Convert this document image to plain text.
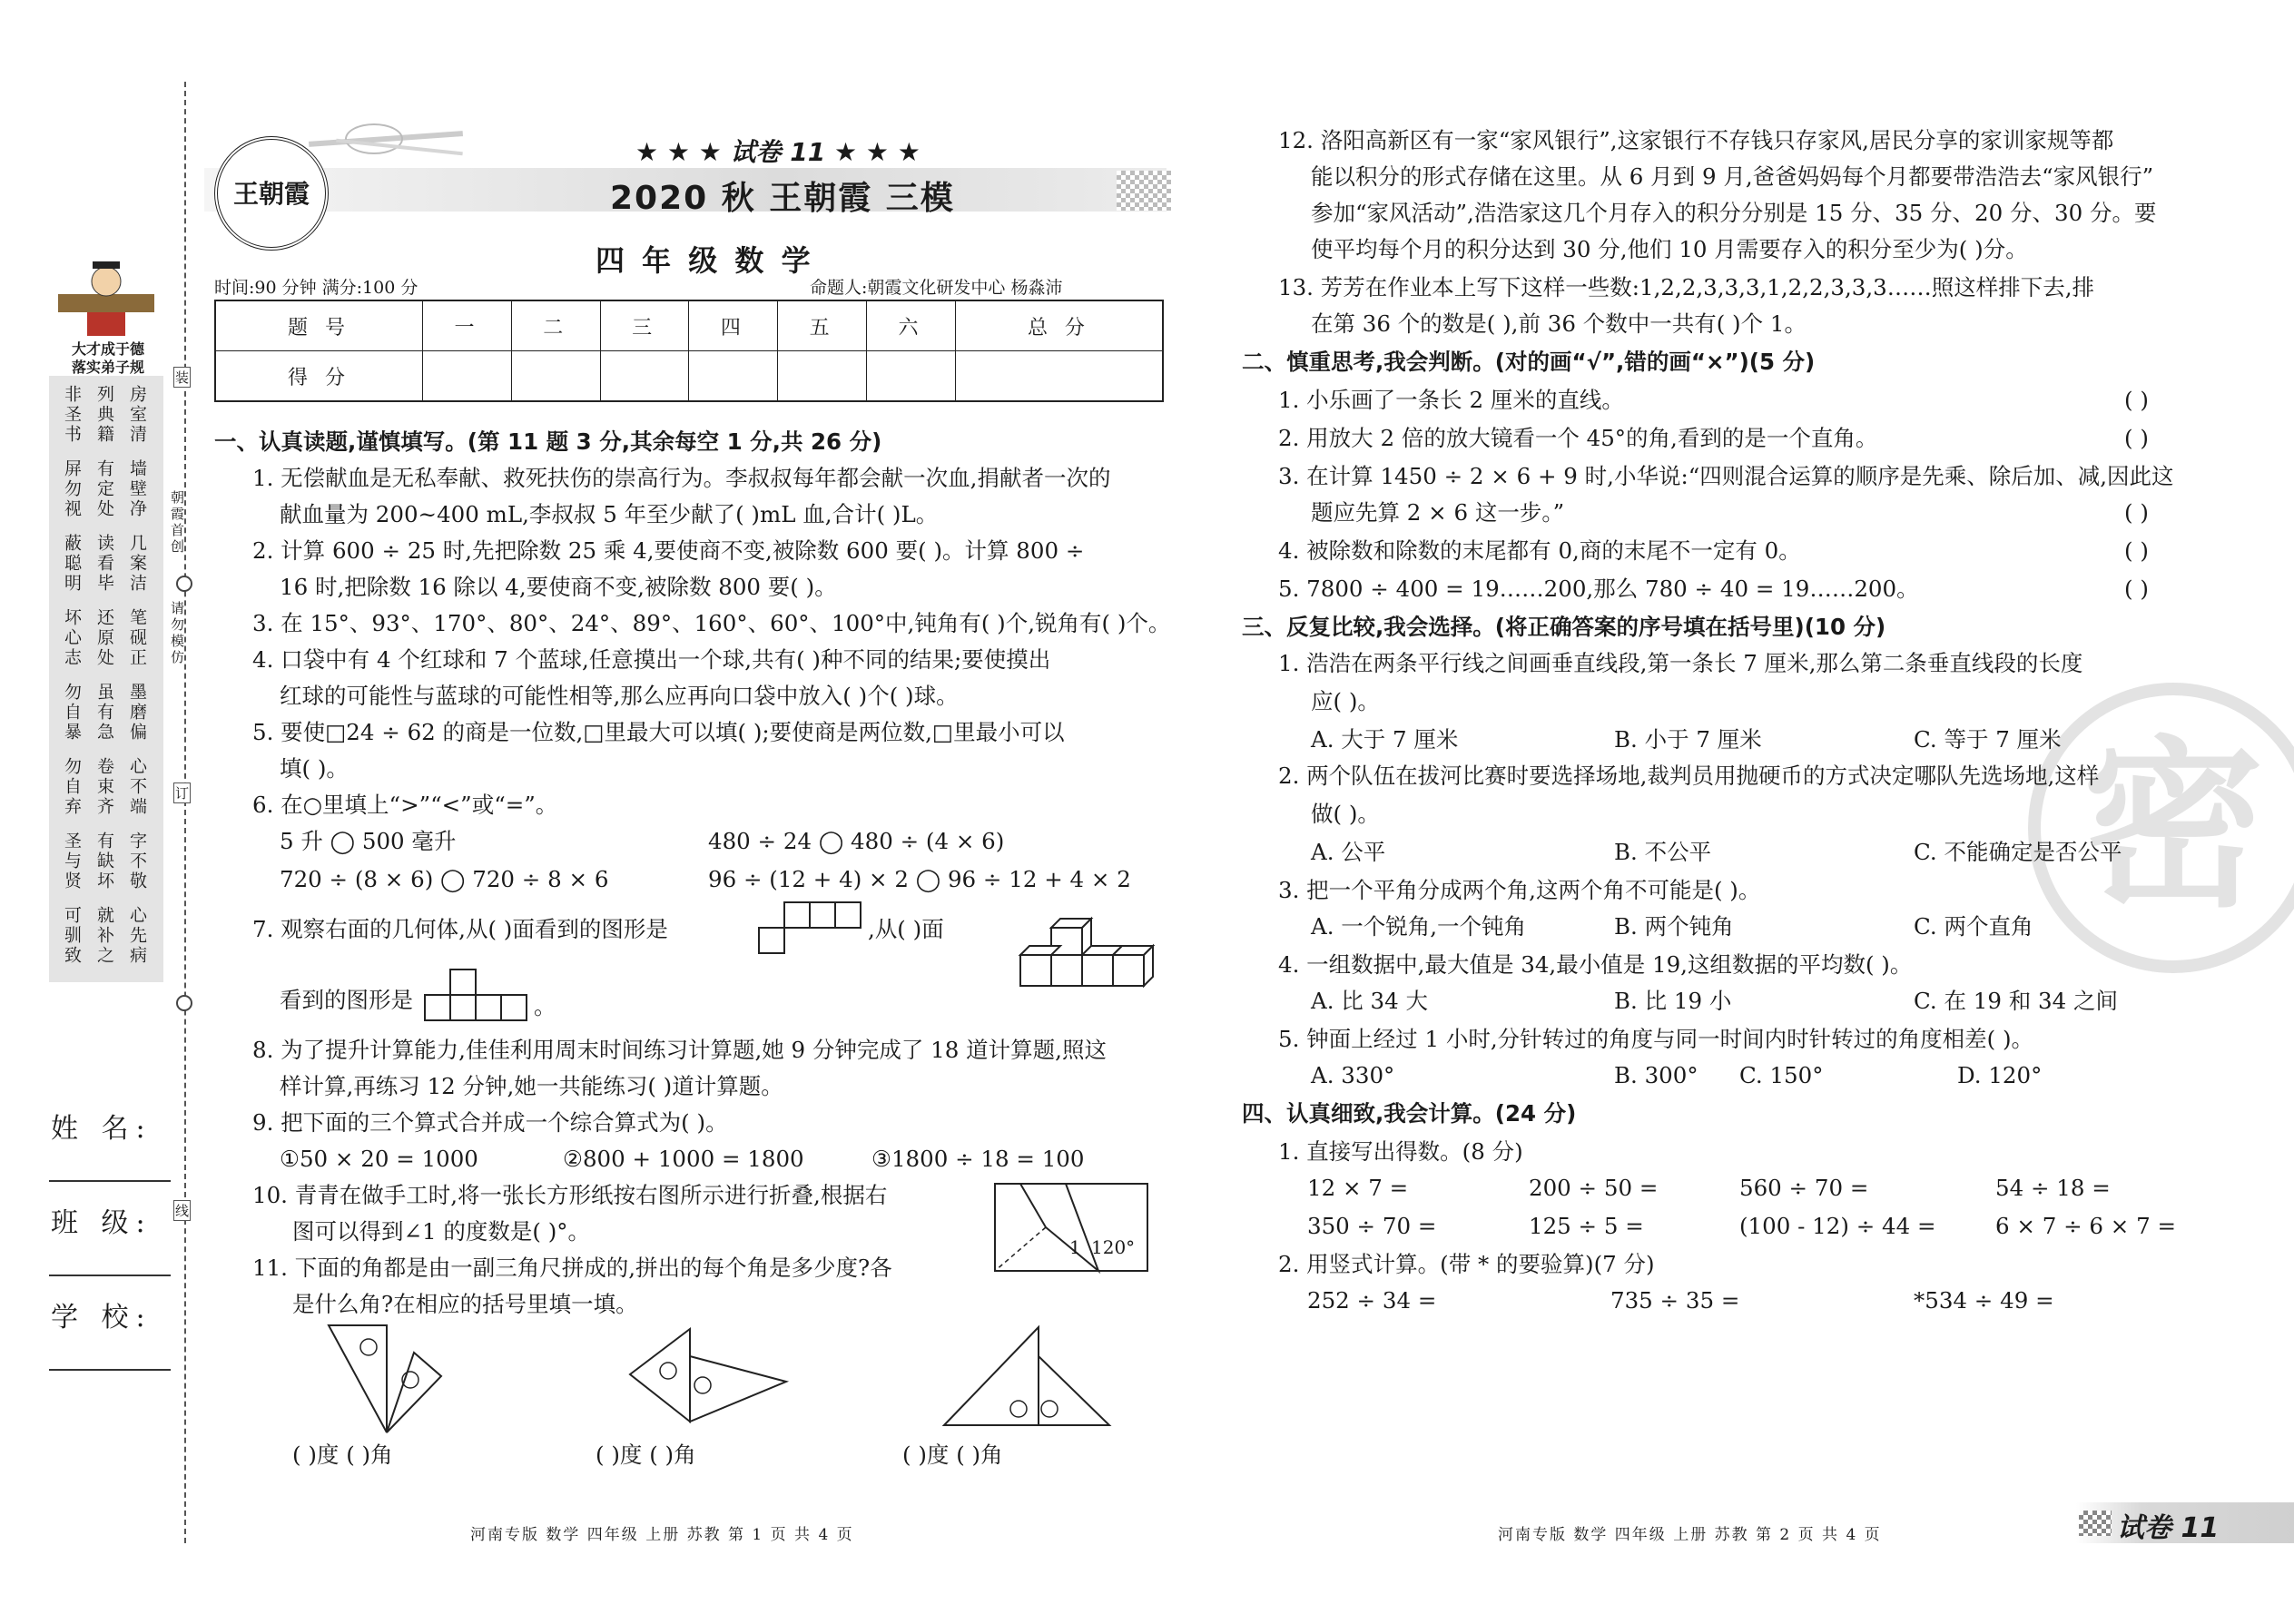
大才成于德
落实弟子规
房室清
墙壁净
几案洁
笔砚正
墨磨偏
心不端
字不敬
心先病
列典籍
有定处
读看毕
还原处
虽有急
卷束齐
有缺坏
就补之
非圣书
屏勿视
蔽聪明
坏心志
勿自暴
勿自弃
圣与贤
可驯致
朝霞首创
请勿模仿
装
订
线
姓 名:
班 级:
学 校:
王朝霞
★ ★ ★ 试卷 11 ★ ★ ★
2020 秋 王朝霞 三模
四 年 级 数 学
时间:90 分钟 满分:100 分	命题人:朝霞文化研发中心 杨淼沛
题 号	一	二	三	四	五	六	总 分
得 分							
一、认真读题,谨慎填写。(第 11 题 3 分,其余每空 1 分,共 26 分)
1. 无偿献血是无私奉献、救死扶伤的崇高行为。李叔叔每年都会献一次血,捐献者一次的
献血量为 200~400 mL,李叔叔 5 年至少献了( )mL 血,合计( )L。
2. 计算 600 ÷ 25 时,先把除数 25 乘 4,要使商不变,被除数 600 要( )。计算 800 ÷
16 时,把除数 16 除以 4,要使商不变,被除数 800 要( )。
3. 在 15°、93°、170°、80°、24°、89°、160°、60°、100°中,钝角有( )个,锐角有( )个。
4. 口袋中有 4 个红球和 7 个蓝球,任意摸出一个球,共有( )种不同的结果;要使摸出
红球的可能性与蓝球的可能性相等,那么应再向口袋中放入( )个( )球。
5. 要使□24 ÷ 62 的商是一位数,□里最大可以填( );要使商是两位数,□里最小可以
填( )。
6. 在○里填上“>”“<”或“=”。
5 升 ◯ 500 毫升	480 ÷ 24 ◯ 480 ÷ (4 × 6)
720 ÷ (8 × 6) ◯ 720 ÷ 8 × 6	96 ÷ (12 + 4) × 2 ◯ 96 ÷ 12 + 4 × 2
7. 观察右面的几何体,从( )面看到的图形是	,从( )面
看到的图形是	。
8. 为了提升计算能力,佳佳利用周末时间练习计算题,她 9 分钟完成了 18 道计算题,照这
样计算,再练习 12 分钟,她一共能练习( )道计算题。
9. 把下面的三个算式合并成一个综合算式为( )。
①50 × 20 = 1000	②800 + 1000 = 1800	③1800 ÷ 18 = 100
10. 青青在做手工时,将一张长方形纸按右图所示进行折叠,根据右
图可以得到∠1 的度数是( )°。
1 120°
11. 下面的角都是由一副三角尺拼成的,拼出的每个角是多少度?各
是什么角?在相应的括号里填一填。
( )度 ( )角	( )度 ( )角	( )度 ( )角
河南专版 数学 四年级 上册 苏教 第 1 页 共 4 页
密
12. 洛阳高新区有一家“家风银行”,这家银行不存钱只存家风,居民分享的家训家规等都
能以积分的形式存储在这里。从 6 月到 9 月,爸爸妈妈每个月都要带浩浩去“家风银行”
参加“家风活动”,浩浩家这几个月存入的积分分别是 15 分、35 分、20 分、30 分。要
使平均每个月的积分达到 30 分,他们 10 月需要存入的积分至少为( )分。
13. 芳芳在作业本上写下这样一些数:1,2,2,3,3,3,1,2,2,3,3,3……照这样排下去,排
在第 36 个的数是( ),前 36 个数中一共有( )个 1。
二、慎重思考,我会判断。(对的画“√”,错的画“×”)(5 分)
1. 小乐画了一条长 2 厘米的直线。	( )
2. 用放大 2 倍的放大镜看一个 45°的角,看到的是一个直角。	( )
3. 在计算 1450 ÷ 2 × 6 + 9 时,小华说:“四则混合运算的顺序是先乘、除后加、减,因此这
题应先算 2 × 6 这一步。”	( )
4. 被除数和除数的末尾都有 0,商的末尾不一定有 0。	( )
5. 7800 ÷ 400 = 19……200,那么 780 ÷ 40 = 19……200。	( )
三、反复比较,我会选择。(将正确答案的序号填在括号里)(10 分)
1. 浩浩在两条平行线之间画垂直线段,第一条长 7 厘米,那么第二条垂直线段的长度
应( )。
A. 大于 7 厘米	B. 小于 7 厘米	C. 等于 7 厘米
2. 两个队伍在拔河比赛时要选择场地,裁判员用抛硬币的方式决定哪队先选场地,这样
做( )。
A. 公平	B. 不公平	C. 不能确定是否公平
3. 把一个平角分成两个角,这两个角不可能是( )。
A. 一个锐角,一个钝角	B. 两个钝角	C. 两个直角
4. 一组数据中,最大值是 34,最小值是 19,这组数据的平均数( )。
A. 比 34 大	B. 比 19 小	C. 在 19 和 34 之间
5. 钟面上经过 1 小时,分针转过的角度与同一时间内时针转过的角度相差( )。
A. 330°	B. 300° C. 150°	D. 120°
四、认真细致,我会计算。(24 分)
1. 直接写出得数。(8 分)
12 × 7 =	200 ÷ 50 =	560 ÷ 70 =	54 ÷ 18 =
350 ÷ 70 =	125 ÷ 5 =	(100 - 12) ÷ 44 =	6 × 7 ÷ 6 × 7 =
2. 用竖式计算。(带 * 的要验算)(7 分)
252 ÷ 34 =	735 ÷ 35 =	*534 ÷ 49 =
河南专版 数学 四年级 上册 苏教 第 2 页 共 4 页	试卷 11
